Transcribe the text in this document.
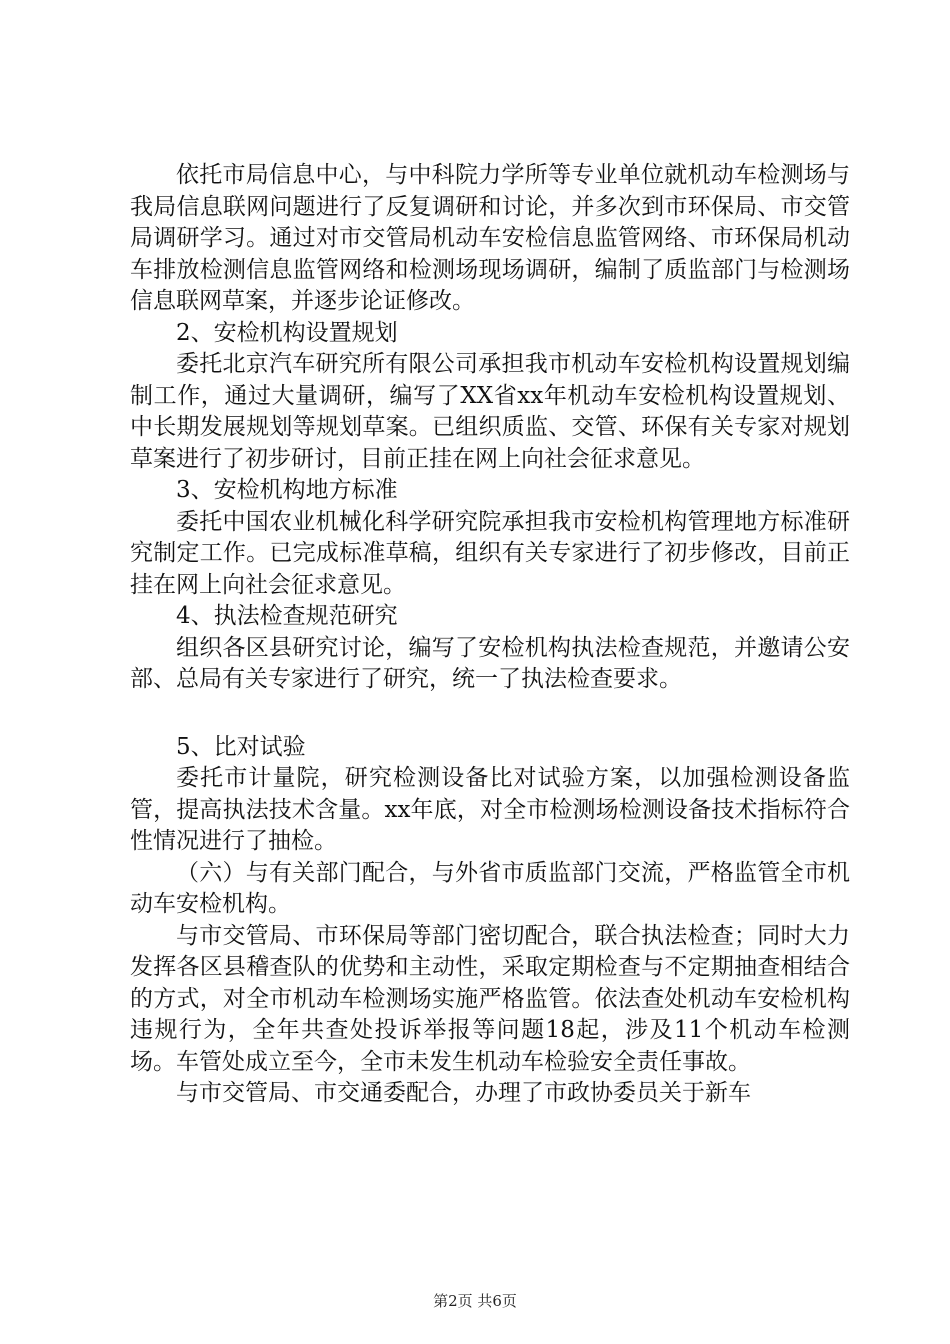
依托市局信息中心，与中科院力学所等专业单位就机动车检测场与我局信息联网问题进行了反复调研和讨论，并多次到市环保局、市交管局调研学习。通过对市交管局机动车安检信息监管网络、市环保局机动车排放检测信息监管网络和检测场现场调研，编制了质监部门与检测场信息联网草案，并逐步论证修改。

2、安检机构设置规划

委托北京汽车研究所有限公司承担我市机动车安检机构设置规划编制工作，通过大量调研，编写了XX省xx年机动车安检机构设置规划、中长期发展规划等规划草案。已组织质监、交管、环保有关专家对规划草案进行了初步研讨，目前正挂在网上向社会征求意见。

3、安检机构地方标准

委托中国农业机械化科学研究院承担我市安检机构管理地方标准研究制定工作。已完成标准草稿，组织有关专家进行了初步修改，目前正挂在网上向社会征求意见。

4、执法检查规范研究

组织各区县研究讨论，编写了安检机构执法检查规范，并邀请公安部、总局有关专家进行了研究，统一了执法检查要求。

5、比对试验

委托市计量院，研究检测设备比对试验方案，以加强检测设备监管，提高执法技术含量。xx年底，对全市检测场检测设备技术指标符合性情况进行了抽检。

（六）与有关部门配合，与外省市质监部门交流，严格监管全市机动车安检机构。

与市交管局、市环保局等部门密切配合，联合执法检查；同时大力发挥各区县稽查队的优势和主动性，采取定期检查与不定期抽查相结合的方式，对全市机动车检测场实施严格监管。依法查处机动车安检机构违规行为，全年共查处投诉举报等问题18起，涉及11个机动车检测场。车管处成立至今，全市未发生机动车检验安全责任事故。

与市交管局、市交通委配合，办理了市政协委员关于新车

第2页 共6页
